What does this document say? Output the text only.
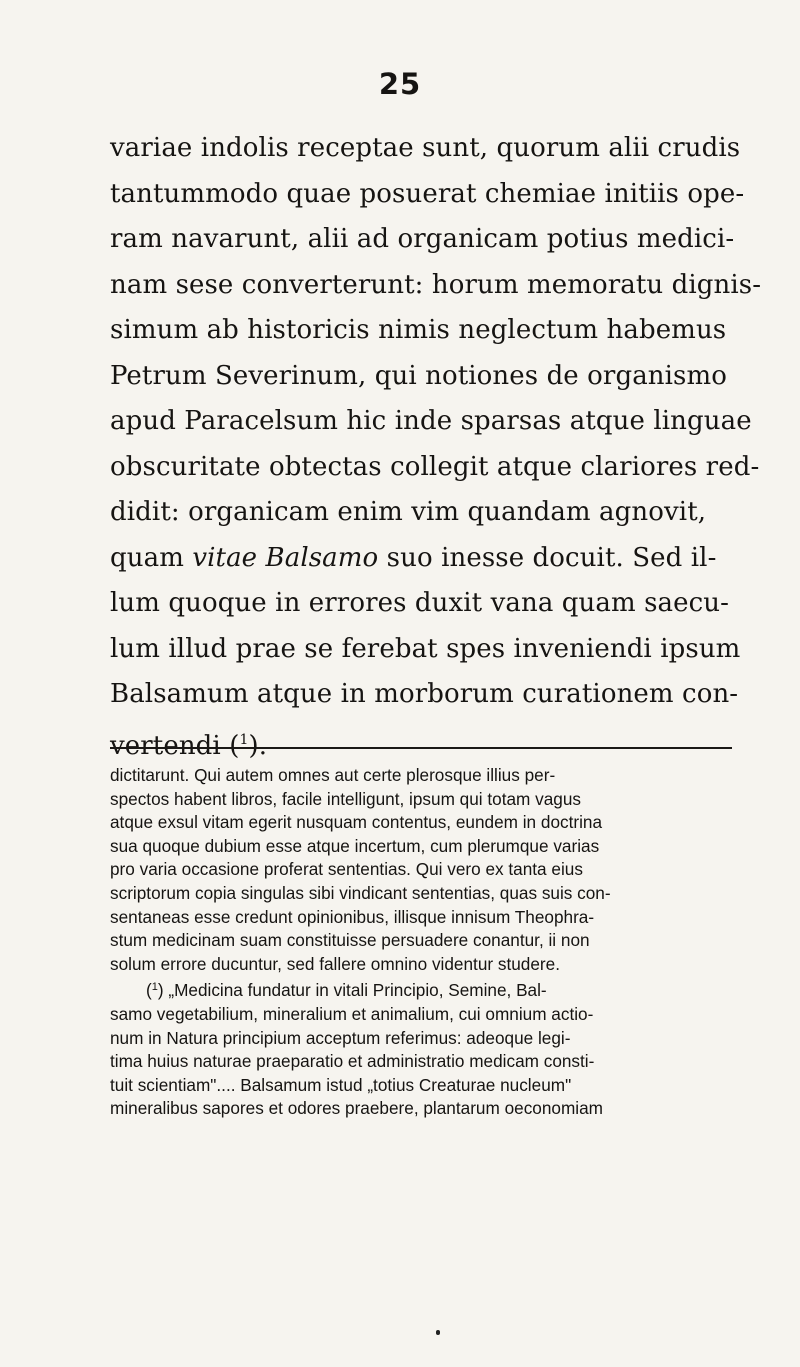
25
variae indolis receptae sunt, quorum alii crudis
tantummodo quae posuerat chemiae initiis ope-
ram navarunt, alii ad organicam potius medici-
nam sese converterunt: horum memoratu dignis-
simum ab historicis nimis neglectum habemus
Petrum Severinum, qui notiones de organismo
apud Paracelsum hic inde sparsas atque linguae
obscuritate obtectas collegit atque clariores red-
didit: organicam enim vim quandam agnovit,
quam vitae Balsamo suo inesse docuit. Sed il-
lum quoque in errores duxit vana quam saecu-
lum illud prae se ferebat spes inveniendi ipsum
Balsamum atque in morborum curationem con-
vertendi ($^1$).
dictitarunt. Qui autem omnes aut certe plerosque illius per-
spectos habent libros, facile intelligunt, ipsum qui totam vagus
atque exsul vitam egerit nusquam contentus, eundem in doctrina
sua quoque dubium esse atque incertum, cum plerumque varias
pro varia occasione proferat sententias. Qui vero ex tanta eius
scriptorum copia singulas sibi vindicant sententias, quas suis con-
sentaneas esse credunt opinionibus, illisque innisum Theophra-
stum medicinam suam constituisse persuadere conantur, ii non
solum errore ducuntur, sed fallere omnino videntur studere.
($^1$) „Medicina fundatur in vitali Principio, Semine, Bal-
samo vegetabilium, mineralium et animalium, cui omnium actio-
num in Natura principium acceptum referimus: adeoque legi-
tima huius naturae praeparatio et administratio medicam consti-
tuit scientiam".... Balsamum istud „totius Creaturae nucleum"
mineralibus sapores et odores praebere, plantarum oeconomiam
